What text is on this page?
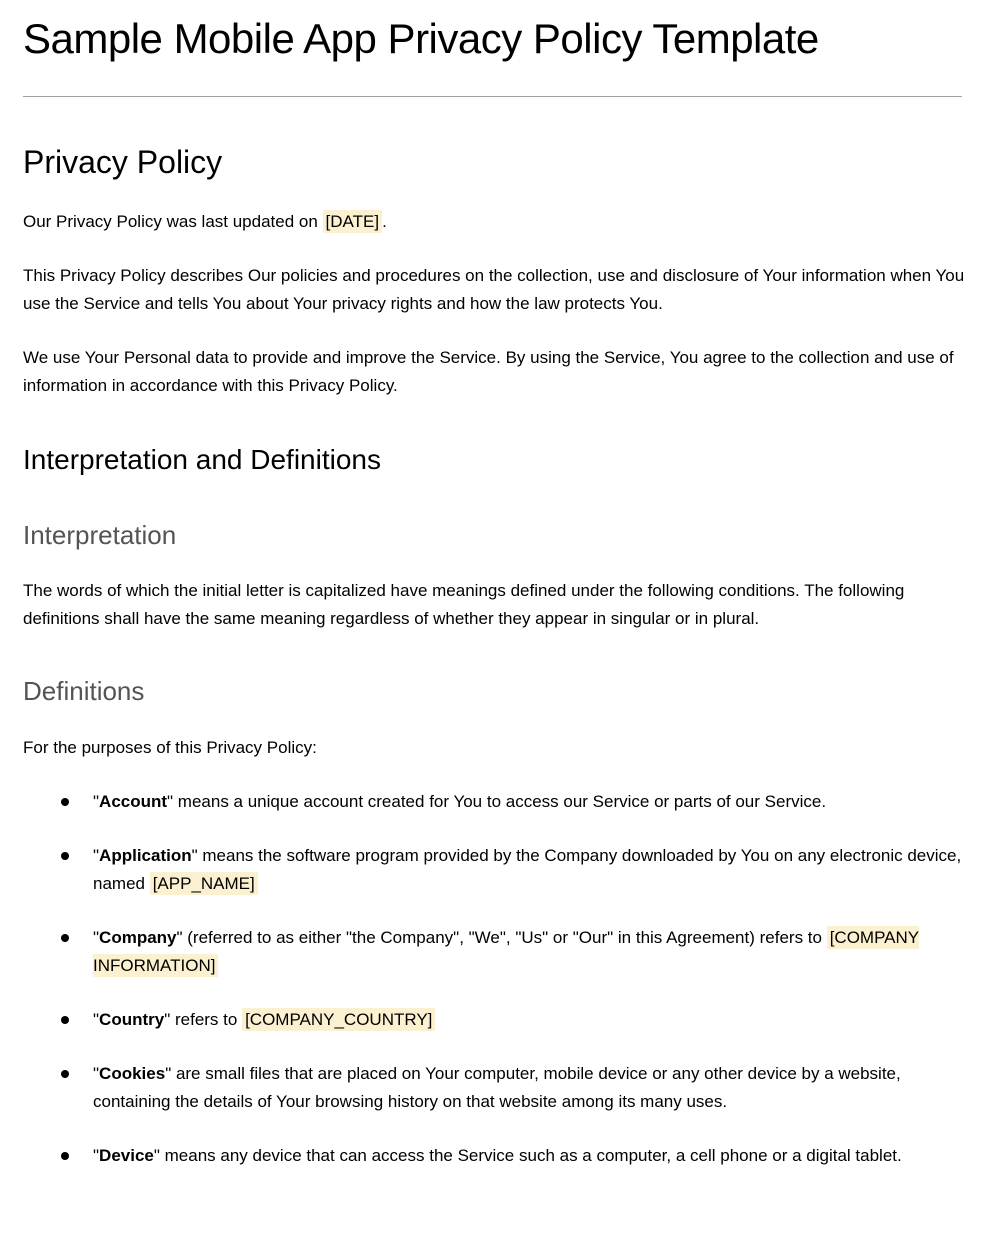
Sample Mobile App Privacy Policy Template
Privacy Policy

Our Privacy Policy was last updated on [DATE] .

This Privacy Policy describes Our policies and procedures on the collection, use and disclosure of Your information when You use the Service and tells You about Your privacy rights and how the law protects You.

We use Your Personal data to provide and improve the Service. By using the Service, You agree to the collection and use of information in accordance with this Privacy Policy.

Interpretation and Definitions
Interpretation

The words of which the initial letter is capitalized have meanings defined under the following conditions. The following definitions shall have the same meaning regardless of whether they appear in singular or in plural.

Definitions

For the purposes of this Privacy Policy:

"Account" means a unique account created for You to access our Service or parts of our Service.
"Application" means the software program provided by the Company downloaded by You on any electronic device, named [APP_NAME]
"Company" (referred to as either "the Company", "We", "Us" or "Our" in this Agreement) refers to [COMPANY INFORMATION]
"Country" refers to [COMPANY_COUNTRY]
"Cookies" are small files that are placed on Your computer, mobile device or any other device by a website, containing the details of Your browsing history on that website among its many uses.
"Device" means any device that can access the Service such as a computer, a cell phone or a digital tablet.
